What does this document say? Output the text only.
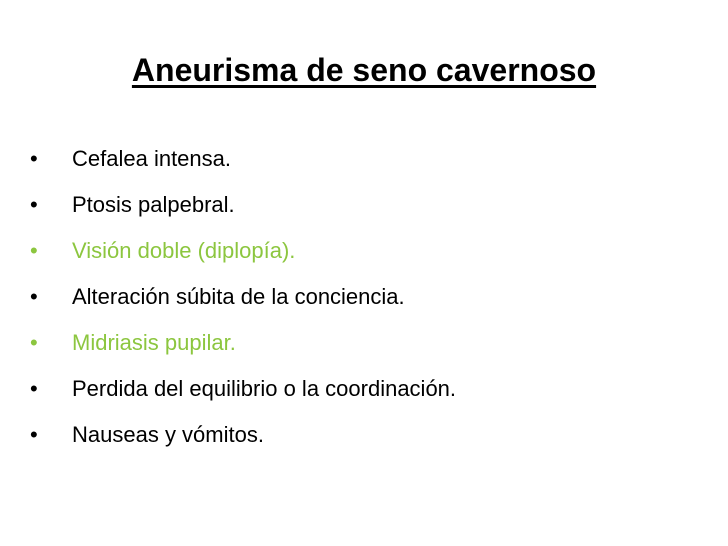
Aneurisma de seno cavernoso
•	Cefalea intensa.
•	Ptosis palpebral.
•	Visión doble (diplopía).
•	Alteración súbita de la conciencia.
•	Midriasis pupilar.
•	Perdida del equilibrio o la coordinación.
•	Nauseas y vómitos.
